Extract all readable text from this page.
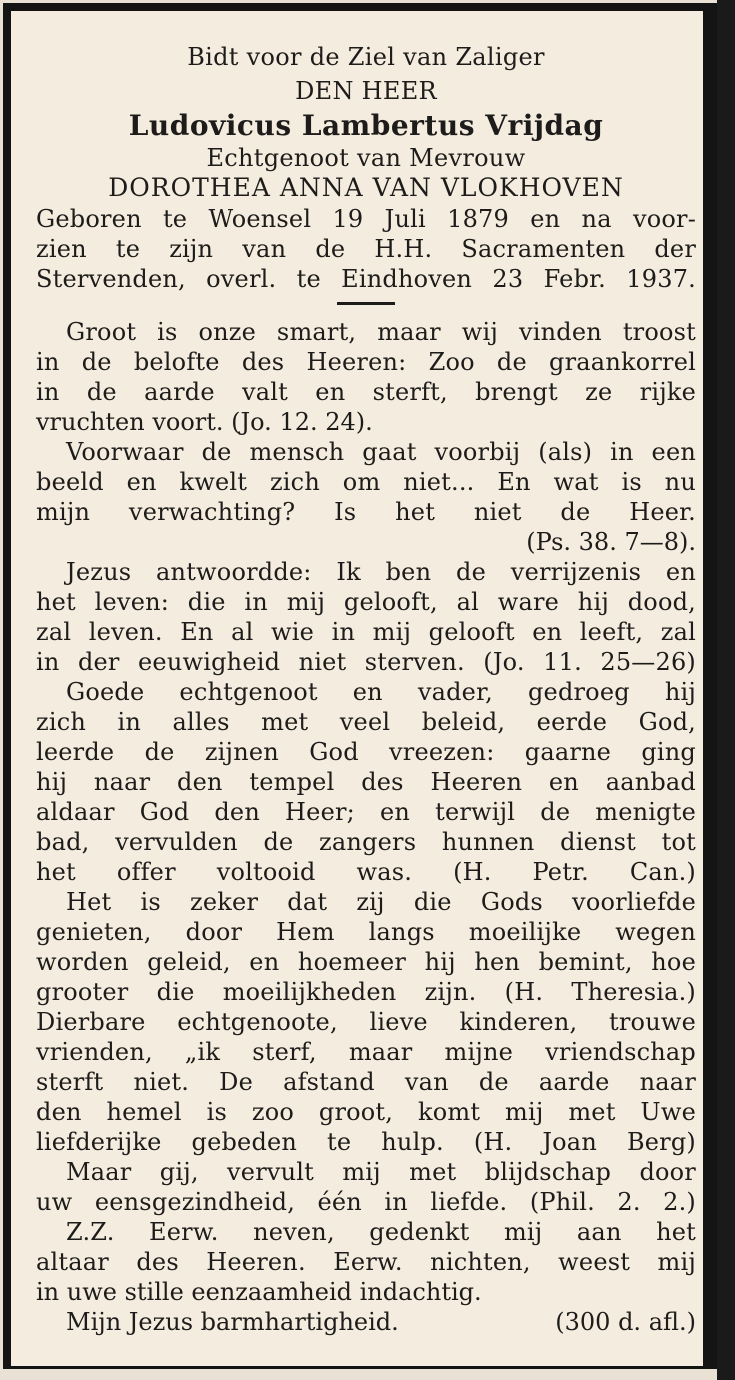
Bidt voor de Ziel van Zaliger
DEN HEER
Ludovicus Lambertus Vrijdag
Echtgenoot van Mevrouw
DOROTHEA ANNA VAN VLOKHOVEN
Geboren te Woensel 19 Juli 1879 en na voor-
zien te zijn van de H.H. Sacramenten der
Stervenden, overl. te Eindhoven 23 Febr. 1937.
Groot is onze smart, maar wij vinden troost
in de belofte des Heeren: Zoo de graankorrel
in de aarde valt en sterft, brengt ze rijke
vruchten voort. (Jo. 12. 24).
Voorwaar de mensch gaat voorbij (als) in een
beeld en kwelt zich om niet... En wat is nu
mijn verwachting? Is het niet de Heer.
(Ps. 38. 7—8).
Jezus antwoordde: Ik ben de verrijzenis en
het leven: die in mij gelooft, al ware hij dood,
zal leven. En al wie in mij gelooft en leeft, zal
in der eeuwigheid niet sterven. (Jo. 11. 25—26)
Goede echtgenoot en vader, gedroeg hij
zich in alles met veel beleid, eerde God,
leerde de zijnen God vreezen: gaarne ging
hij naar den tempel des Heeren en aanbad
aldaar God den Heer; en terwijl de menigte
bad, vervulden de zangers hunnen dienst tot
het offer voltooid was. (H. Petr. Can.)
Het is zeker dat zij die Gods voorliefde
genieten, door Hem langs moeilijke wegen
worden geleid, en hoemeer hij hen bemint, hoe
grooter die moeilijkheden zijn. (H. Theresia.)
Dierbare echtgenoote, lieve kinderen, trouwe
vrienden, „ik sterf, maar mijne vriendschap
sterft niet. De afstand van de aarde naar
den hemel is zoo groot, komt mij met Uwe
liefderijke gebeden te hulp. (H. Joan Berg)
Maar gij, vervult mij met blijdschap door
uw eensgezindheid, één in liefde. (Phil. 2. 2.)
Z.Z. Eerw. neven, gedenkt mij aan het
altaar des Heeren. Eerw. nichten, weest mij
in uwe stille eenzaamheid indachtig.
Mijn Jezus barmhartigheid.	(300 d. afl.)
